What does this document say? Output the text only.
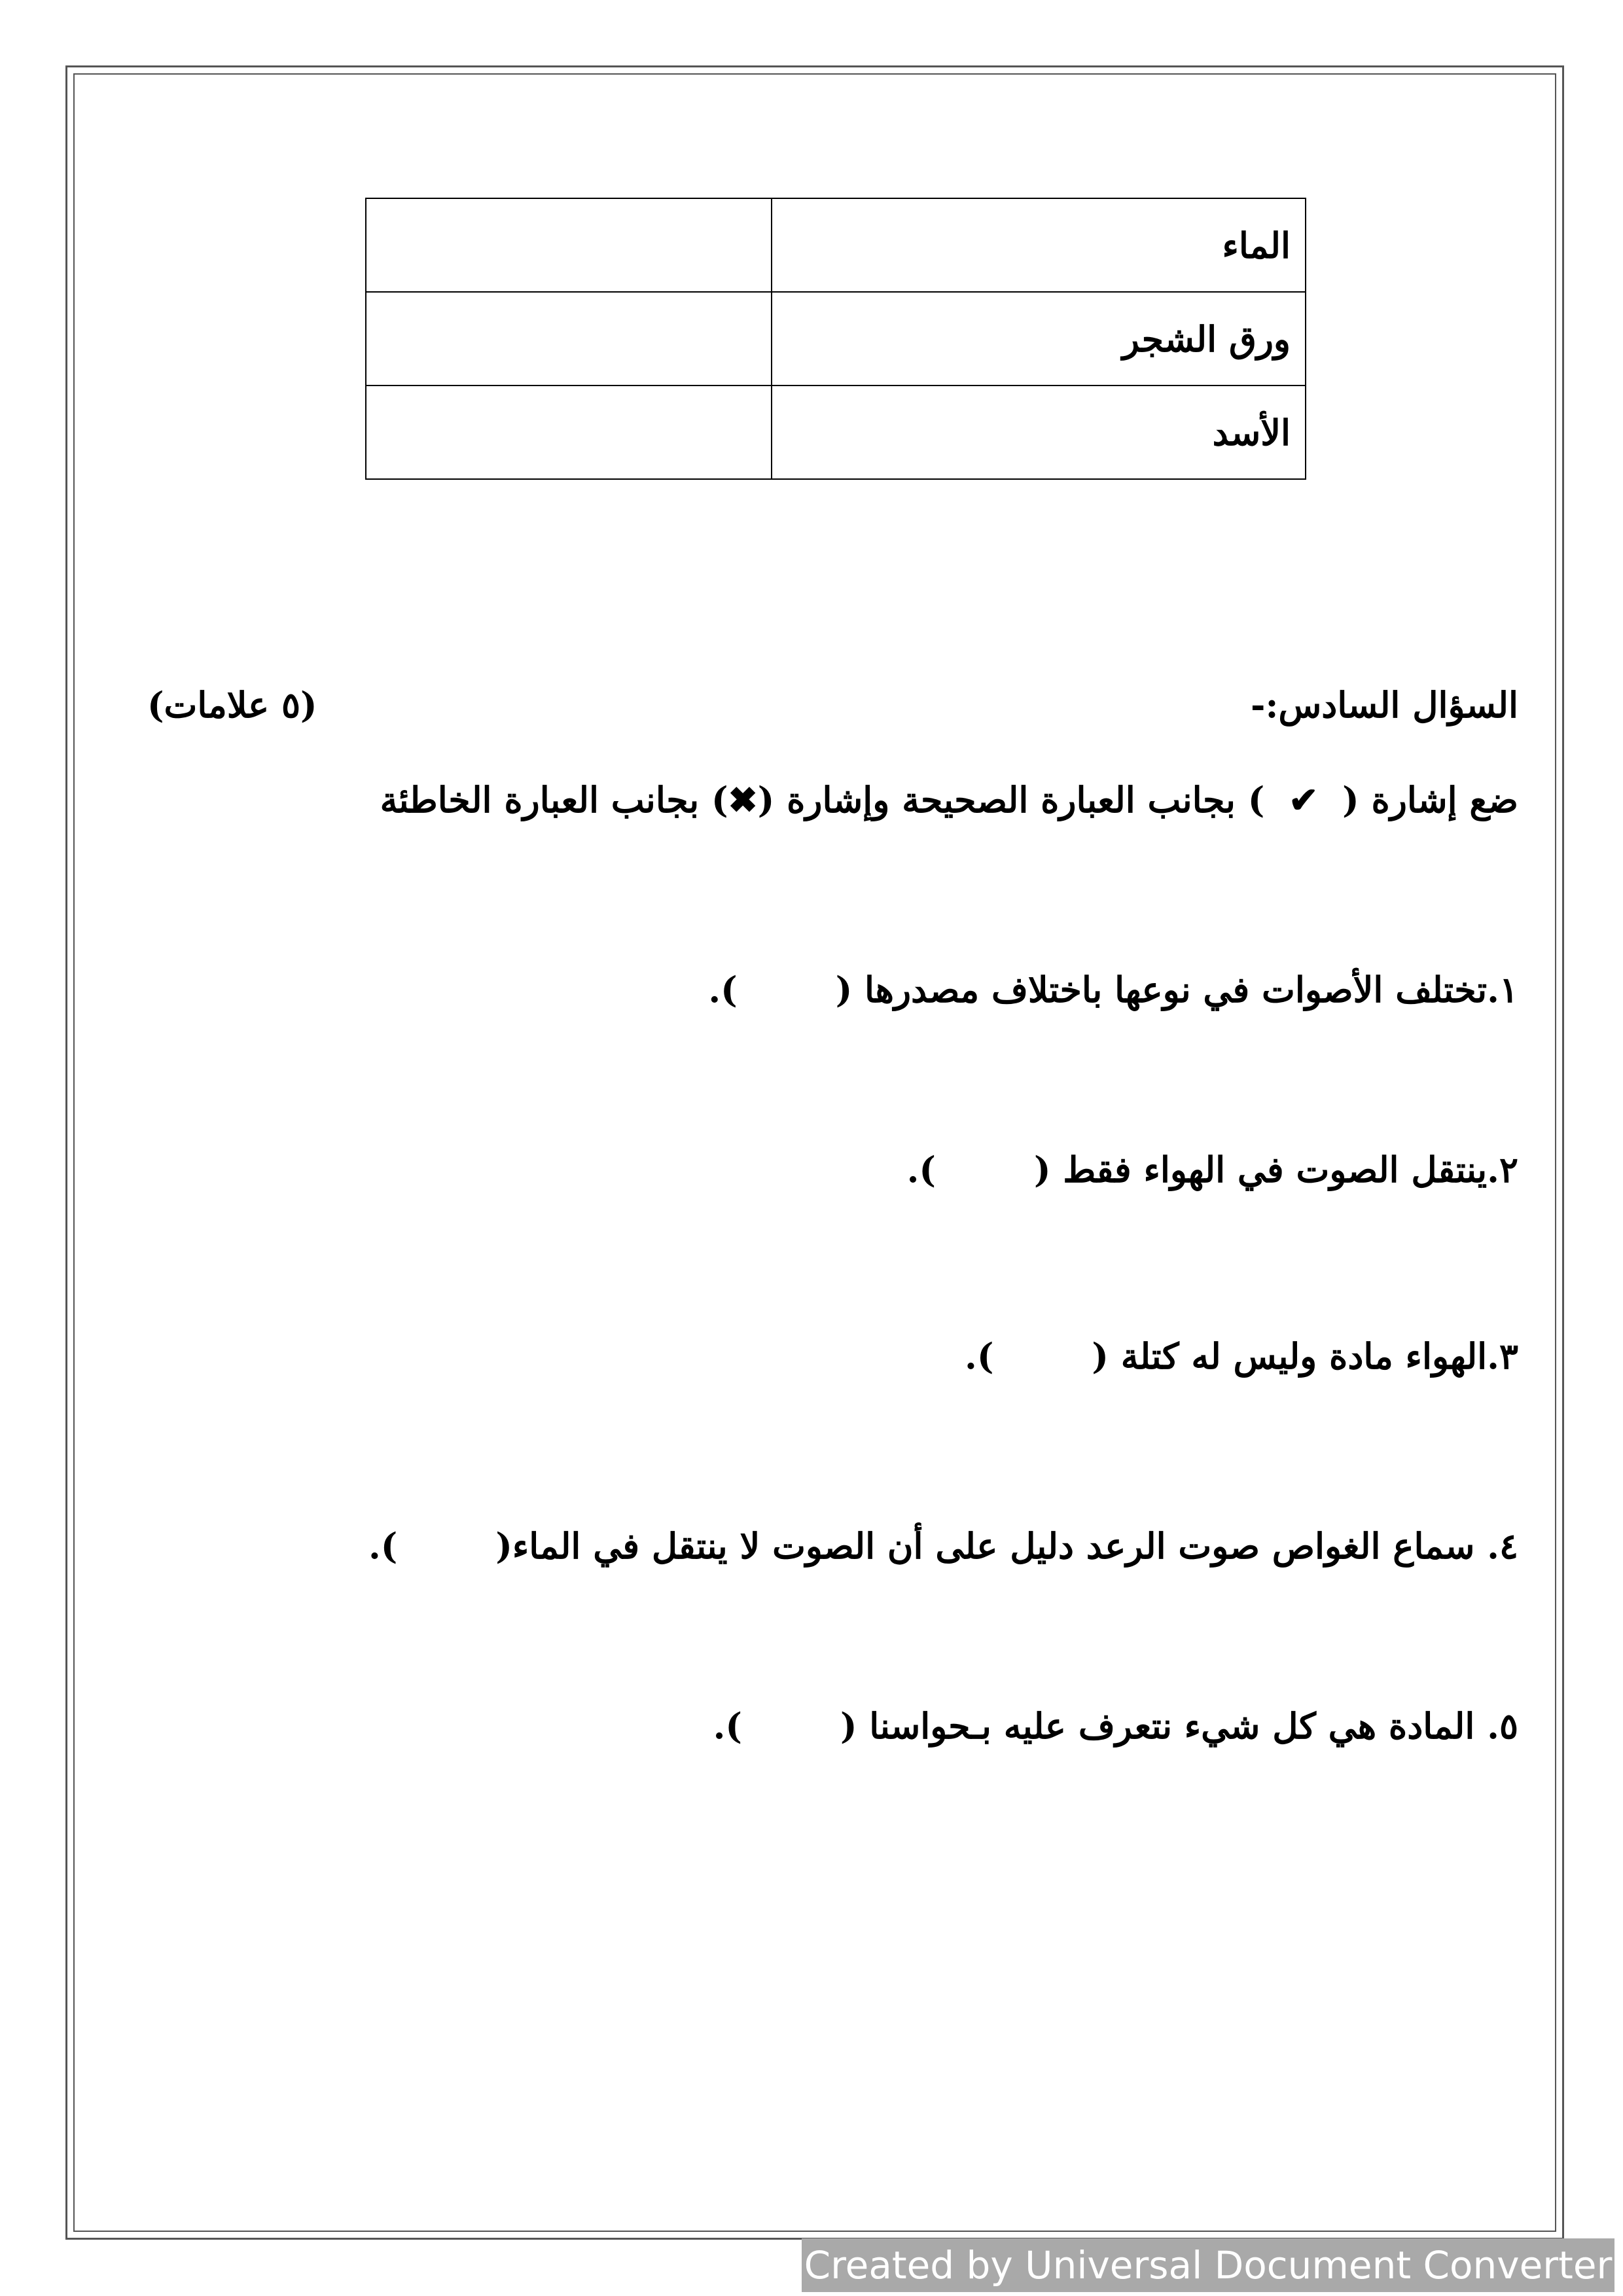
الماء	
ورق الشجر	
الأسد	
السؤال السادس:-
(٥ علامات)
ضع إشارة ( ✔ ) بجانب العبارة الصحيحة وإشارة (✖) بجانب العبارة الخاطئة
١.تختلف الأصوات في نوعها باختلاف مصدرها ().
٢.ينتقل الصوت في الهواء فقط ().
٣.الهواء مادة وليس له كتلة ().
٤. سماع الغواص صوت الرعد دليل على أن الصوت لا ينتقل في الماء().
٥. المادة هي كل شيء نتعرف عليه بـحواسنا ().
Created by Universal Document Converter
